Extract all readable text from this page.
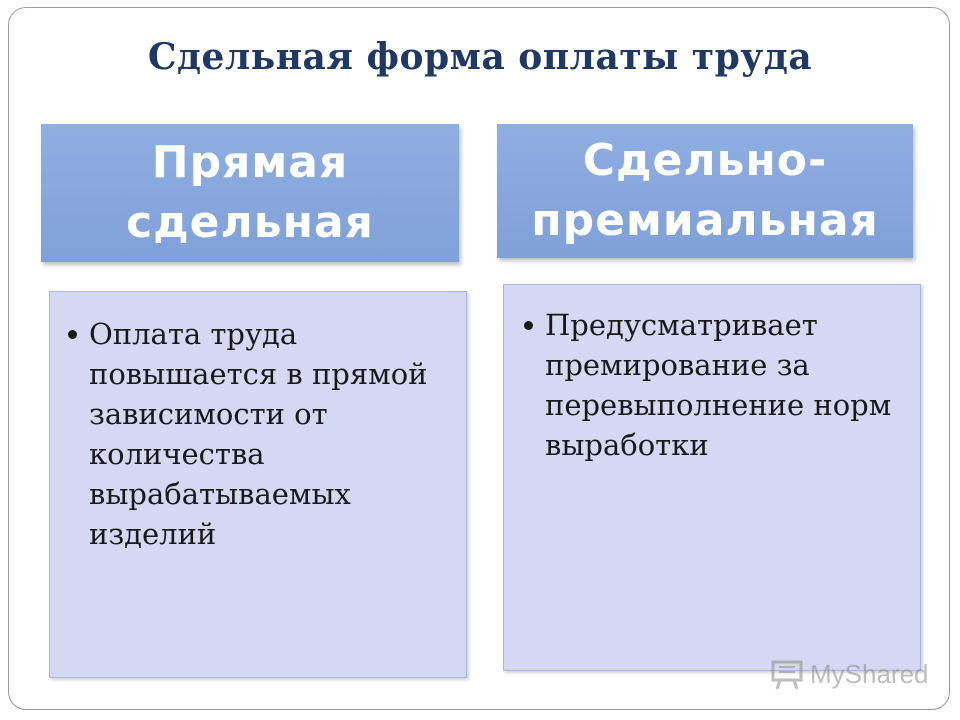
Сдельная форма оплаты труда
Прямая
сдельная
Сдельно-
премиальная
Оплата труда повышается в прямой зависимости от количества вырабатываемых изделий
Предусматривает премирование за перевыполнение норм выработки
MyShared
